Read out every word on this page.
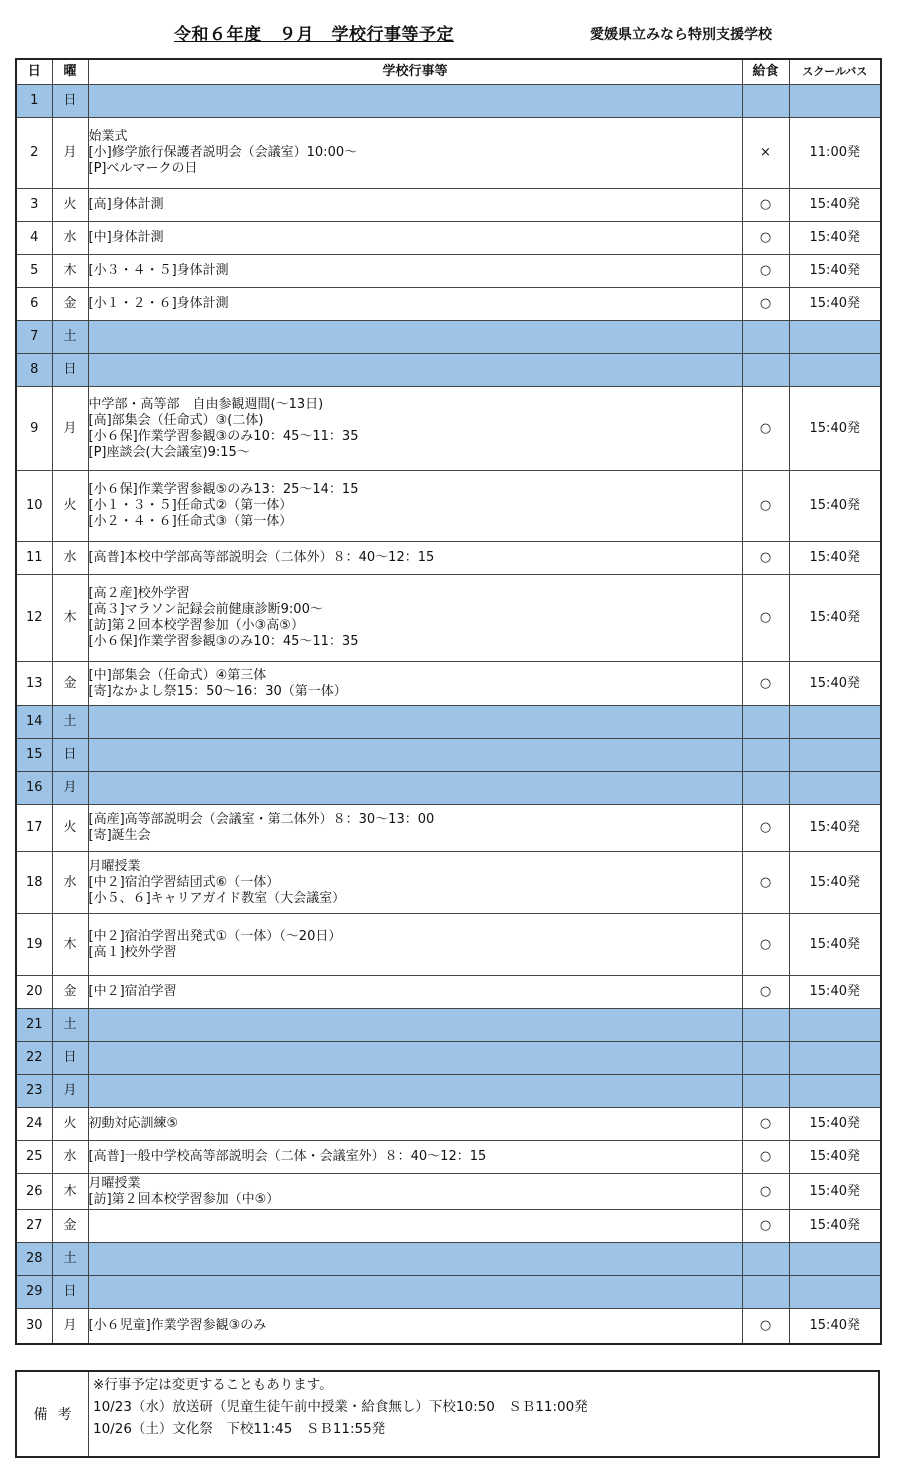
令和６年度　９月　学校行事等予定	愛媛県立みなら特別支援学校
日	曜	学校行事等	給食	スクールバス
1	日			
2	月	始業式
[小]修学旅行保護者説明会（会議室）10:00～
[P]ベルマークの日	×	11:00発
3	火	[高]身体計測	○	15:40発
4	水	[中]身体計測	○	15:40発
5	木	[小３・４・５]身体計測	○	15:40発
6	金	[小１・２・６]身体計測	○	15:40発
7	土			
8	日			
9	月	中学部・高等部　自由参観週間(～13日)
[高]部集会（任命式）③(二体)
[小６保]作業学習参観③のみ10：45～11：35
[P]座談会(大会議室)9:15～	○	15:40発
10	火	[小６保]作業学習参観⑤のみ13：25～14：15
[小１・３・５]任命式②（第一体）
[小２・４・６]任命式③（第一体）	○	15:40発
11	水	[高普]本校中学部高等部説明会（二体外）８：40～12：15	○	15:40発
12	木	[高２産]校外学習
[高３]マラソン記録会前健康診断9:00～
[訪]第２回本校学習参加（小③高⑤）
[小６保]作業学習参観③のみ10：45～11：35	○	15:40発
13	金	[中]部集会（任命式）④第三体
[寄]なかよし祭15：50～16：30（第一体）	○	15:40発
14	土			
15	日			
16	月			
17	火	[高産]高等部説明会（会議室・第二体外）８：30～13：00
[寄]誕生会	○	15:40発
18	水	月曜授業
[中２]宿泊学習結団式⑥（一体）
[小５、６]キャリアガイド教室（大会議室）	○	15:40発
19	木	[中２]宿泊学習出発式①（一体）（～20日）
[高１]校外学習	○	15:40発
20	金	[中２]宿泊学習	○	15:40発
21	土			
22	日			
23	月			
24	火	初動対応訓練⑤	○	15:40発
25	水	[高普]一般中学校高等部説明会（二体・会議室外）８：40～12：15	○	15:40発
26	木	月曜授業
[訪]第２回本校学習参加（中⑤）	○	15:40発
27	金		○	15:40発
28	土			
29	日			
30	月	[小６児童]作業学習参観③のみ	○	15:40発
備考
※行事予定は変更することもあります。
10/23（水）放送研（児童生徒午前中授業・給食無し）下校10:50　ＳＢ11:00発
10/26（土）文化祭　下校11:45　ＳＢ11:55発
